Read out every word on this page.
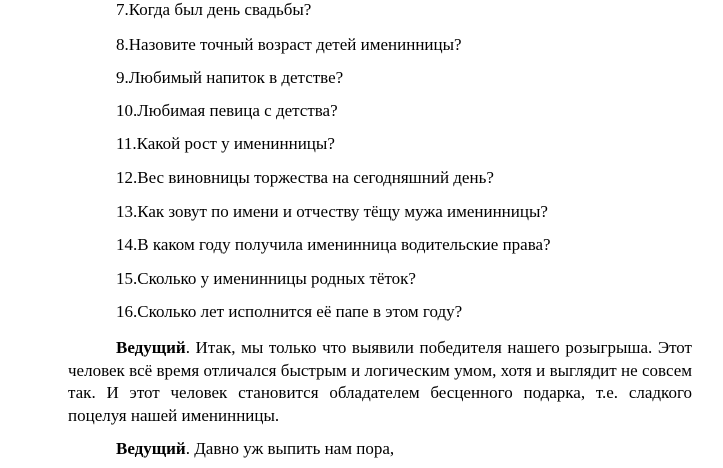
7.Когда был день свадьбы?
8.Назовите точный возраст детей именинницы?
9.Любимый напиток в детстве?
10.Любимая певица с детства?
11.Какой рост у именинницы?
12.Вес виновницы торжества на сегодняшний день?
13.Как зовут по имени и отчеству тёщу мужа именинницы?
14.В каком году получила именинница водительские права?
15.Сколько у именинницы родных тёток?
16.Сколько лет исполнится её папе в этом году?
Ведущий. Итак, мы только что выявили победителя нашего розыгрыша. Этот человек всё время отличался быстрым и логическим умом, хотя и выглядит не совсем так. И этот человек становится обладателем бесценного подарка, т.е. сладкого поцелуя нашей именинницы.
Ведущий. Давно уж выпить нам пора,
